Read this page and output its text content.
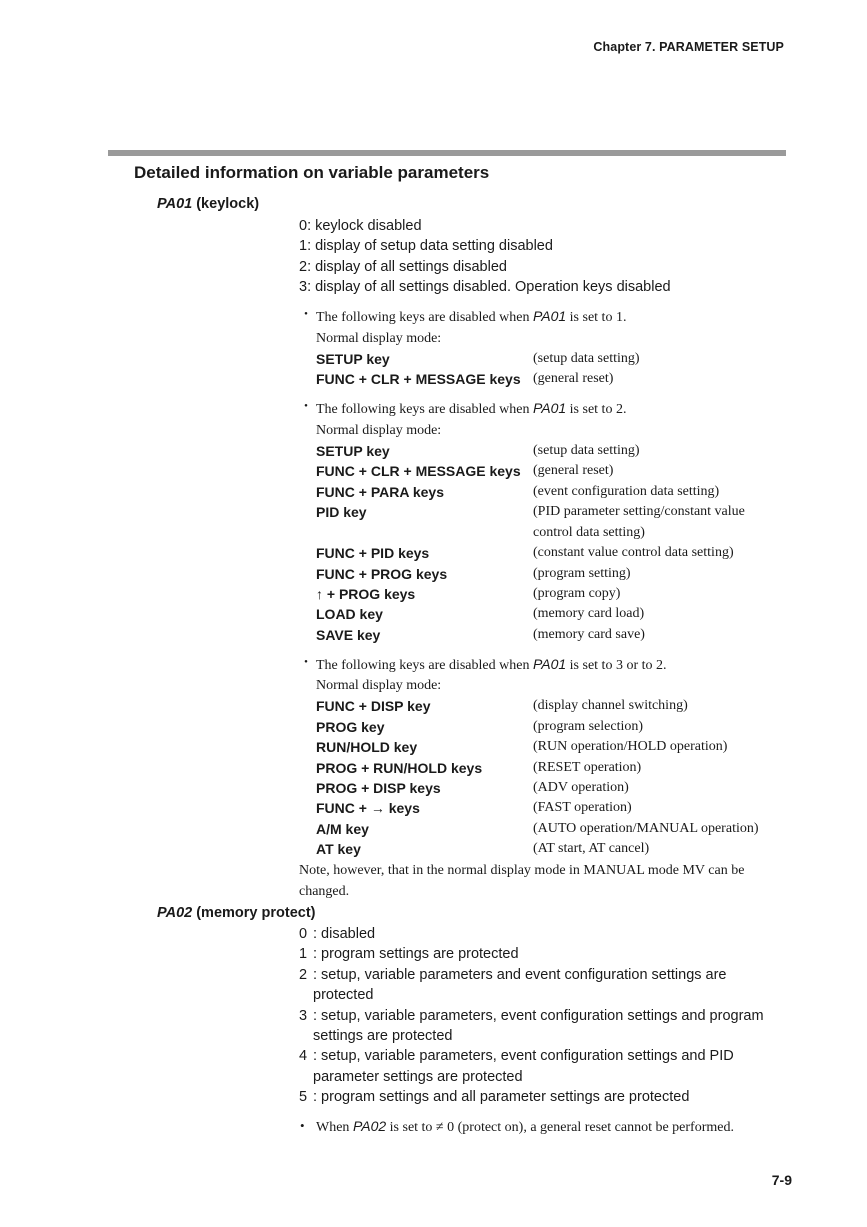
Chapter 7. PARAMETER SETUP
Detailed information on variable parameters
PA01 (keylock)
0: keylock disabled
1: display of setup data setting disabled
2: display of all settings disabled
3: display of all settings disabled. Operation keys disabled
・ The following keys are disabled when PA01 is set to 1.
Normal display mode:
SETUP key	(setup data setting)
FUNC + CLR + MESSAGE keys (general reset)
・ The following keys are disabled when PA01 is set to 2.
Normal display mode:
SETUP key	(setup data setting)
FUNC + CLR + MESSAGE keys (general reset)
FUNC + PARA keys	(event configuration data setting)
PID key	(PID parameter setting/constant value control data setting)
FUNC + PID keys	(constant value control data setting)
FUNC + PROG keys	(program setting)
↑ + PROG keys	(program copy)
LOAD key	(memory card load)
SAVE key	(memory card save)
・ The following keys are disabled when PA01 is set to 3 or to 2.
Normal display mode:
FUNC + DISP key	(display channel switching)
PROG key	(program selection)
RUN/HOLD key	(RUN operation/HOLD operation)
PROG + RUN/HOLD keys	(RESET operation)
PROG + DISP keys	(ADV operation)
FUNC + → keys	(FAST operation)
A/M key	(AUTO operation/MANUAL operation)
AT key	(AT start, AT cancel)
Note, however, that in the normal display mode in MANUAL mode MV can be changed.
PA02 (memory protect)
0 : disabled
1 : program settings are protected
2 : setup, variable parameters and event configuration settings are protected
3 : setup, variable parameters, event configuration settings and program settings are protected
4 : setup, variable parameters, event configuration settings and PID parameter settings are protected
5 : program settings and all parameter settings are protected
• When PA02 is set to ≠ 0 (protect on), a general reset cannot be performed.
7-9
